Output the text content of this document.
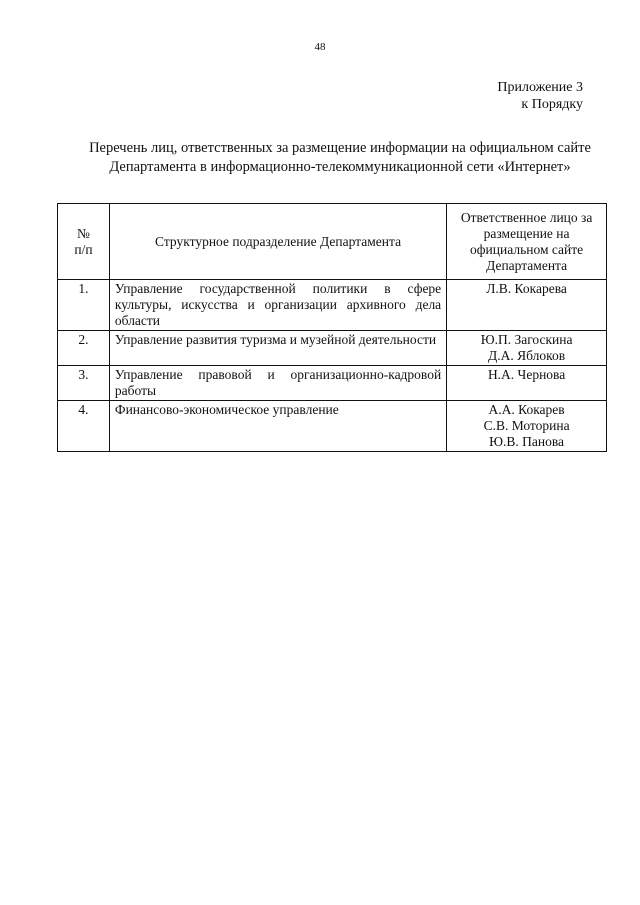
48
Приложение 3
к Порядку
Перечень лиц, ответственных за размещение информации на официальном сайте Департамента в информационно-телекоммуникационной сети «Интернет»
№
п/п	Структурное подразделение Департамента	Ответственное лицо за размещение на официальном сайте Департамента
1.	Управление государственной политики в сфере культуры, искусства и организации архивного дела области	Л.В. Кокарева

2.	Управление развития туризма и музейной деятельности	Ю.П. Загоскина
Д.А. Яблоков

3.	Управление правовой и организационно-кадровой работы	Н.А. Чернова

4.	Финансово-экономическое управление	А.А. Кокарев
С.В. Моторина
Ю.В. Панова
